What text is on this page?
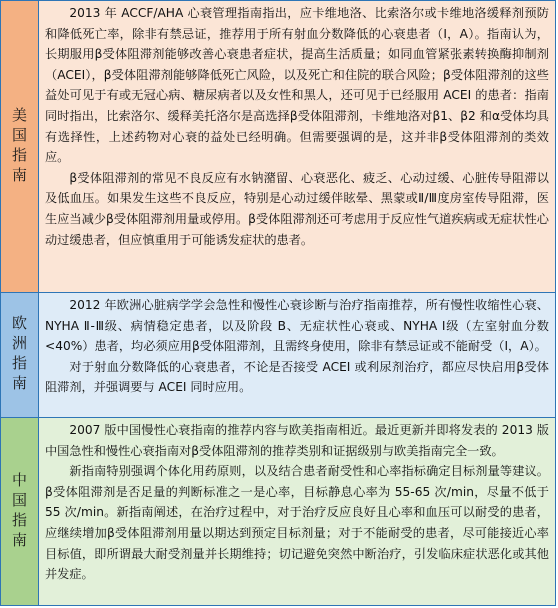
美国指南

2013 年 ACCF/AHA 心衰管理指南指出，应卡维地洛、比索洛尔或卡维地洛缓释剂预防和降低死亡率，除非有禁忌证，推荐用于所有射血分数降低的心衰患者（Ⅰ，A）。指南认为，长期服用β受体阻滞剂能够改善心衰患者症状，提高生活质量；如同血管紧张素转换酶抑制剂（ACEI），β受体阻滞剂能够降低死亡风险，以及死亡和住院的联合风险；β受体阻滞剂的这些益处可见于有或无冠心病、糖尿病者以及女性和黑人，还可见于已经服用 ACEI 的患者：指南同时指出，比索洛尔、缓释美托洛尔是高选择β受体阻滞剂，卡维地洛对β1、β2 和α受体均具有选择性，上述药物对心衰的益处已经明确。但需要强调的是，这并非β受体阻滞剂的类效应。

β受体阻滞剂的常见不良反应有水钠潴留、心衰恶化、疲乏、心动过缓、心脏传导阻滞以及低血压。如果发生这些不良反应，特别是心动过缓伴眩晕、黑蒙或Ⅱ/Ⅲ度房室传导阻滞，医生应当减少β受体阻滞剂用量或停用。β受体阻滞剂还可考虑用于反应性气道疾病或无症状性心动过缓患者，但应慎重用于可能诱发症状的患者。

欧洲指南

2012 年欧洲心脏病学学会急性和慢性心衰诊断与治疗指南推荐，所有慢性收缩性心衰、NYHA Ⅱ-Ⅲ级、病情稳定患者，以及阶段 B、无症状性心衰或、NYHA Ⅰ级（左室射血分数<40%）患者，均必须应用β受体阻滞剂，且需终身使用，除非有禁忌证或不能耐受（Ⅰ，A）。

对于射血分数降低的心衰患者，不论是否接受 ACEI 或利尿剂治疗，都应尽快启用β受体阻滞剂，并强调要与 ACEI 同时应用。

中国指南

2007 版中国慢性心衰指南的推荐内容与欧美指南相近。最近更新并即将发表的 2013 版中国急性和慢性心衰指南对β受体阻滞剂的推荐类别和证据级别与欧美指南完全一致。

新指南特别强调个体化用药原则，以及结合患者耐受性和心率指标确定目标剂量等建议。β受体阻滞剂是否足量的判断标准之一是心率，目标静息心率为 55-65 次/min，尽量不低于 55 次/min。新指南阐述，在治疗过程中，对于治疗反应良好且心率和血压可以耐受的患者，应继续增加β受体阻滞剂用量以期达到预定目标剂量；对于不能耐受的患者，尽可能接近心率目标值，即所谓最大耐受剂量并长期维持；切记避免突然中断治疗，引发临床症状恶化或其他并发症。
